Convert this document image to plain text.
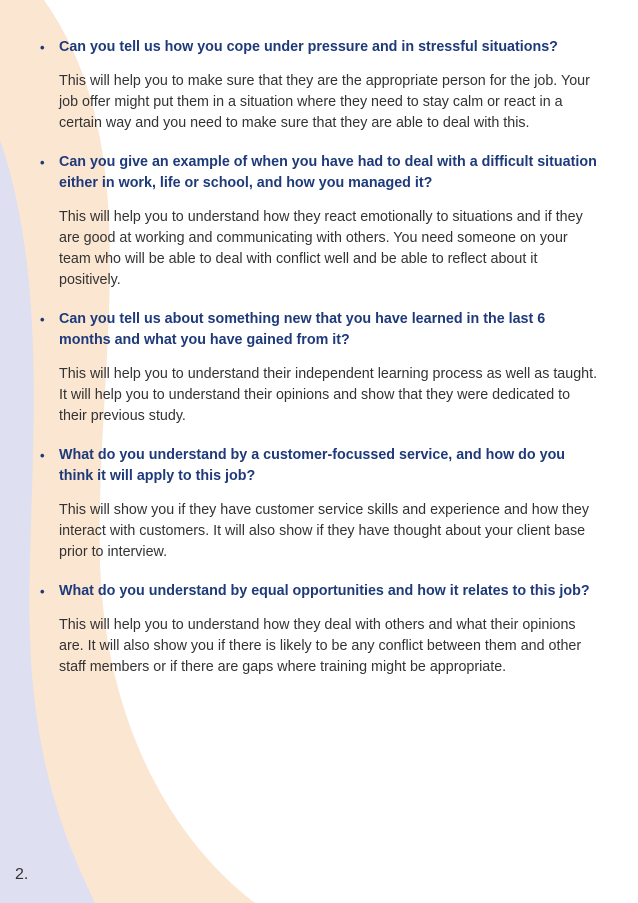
• Can you tell us how you cope under pressure and in stressful situations?

This will help you to make sure that they are the appropriate person for the job. Your job offer might put them in a situation where they need to stay calm or react in a certain way and you need to make sure that they are able to deal with this.

• Can you give an example of when you have had to deal with a difficult situation either in work, life or school, and how you managed it?

This will help you to understand how they react emotionally to situations and if they are good at working and communicating with others. You need someone on your team who will be able to deal with conflict well and be able to reflect about it positively.

• Can you tell us about something new that you have learned in the last 6 months and what you have gained from it?

This will help you to understand their independent learning process as well as taught. It will help you to understand their opinions and show that they were dedicated to their previous study.

• What do you understand by a customer-focussed service, and how do you think it will apply to this job?

This will show you if they have customer service skills and experience and how they interact with customers. It will also show if they have thought about your client base prior to interview.

• What do you understand by equal opportunities and how it relates to this job?

This will help you to understand how they deal with others and what their opinions are. It will also show you if there is likely to be any conflict between them and other staff members or if there are gaps where training might be appropriate.

2.
